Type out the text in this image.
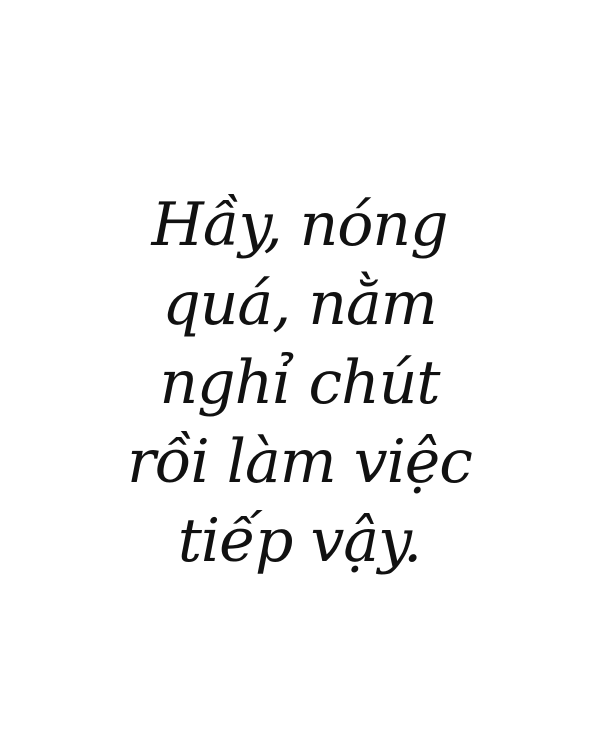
Hầy, nóng
quá, nằm
nghỉ chút
rồi làm việc
tiếp vậy.
